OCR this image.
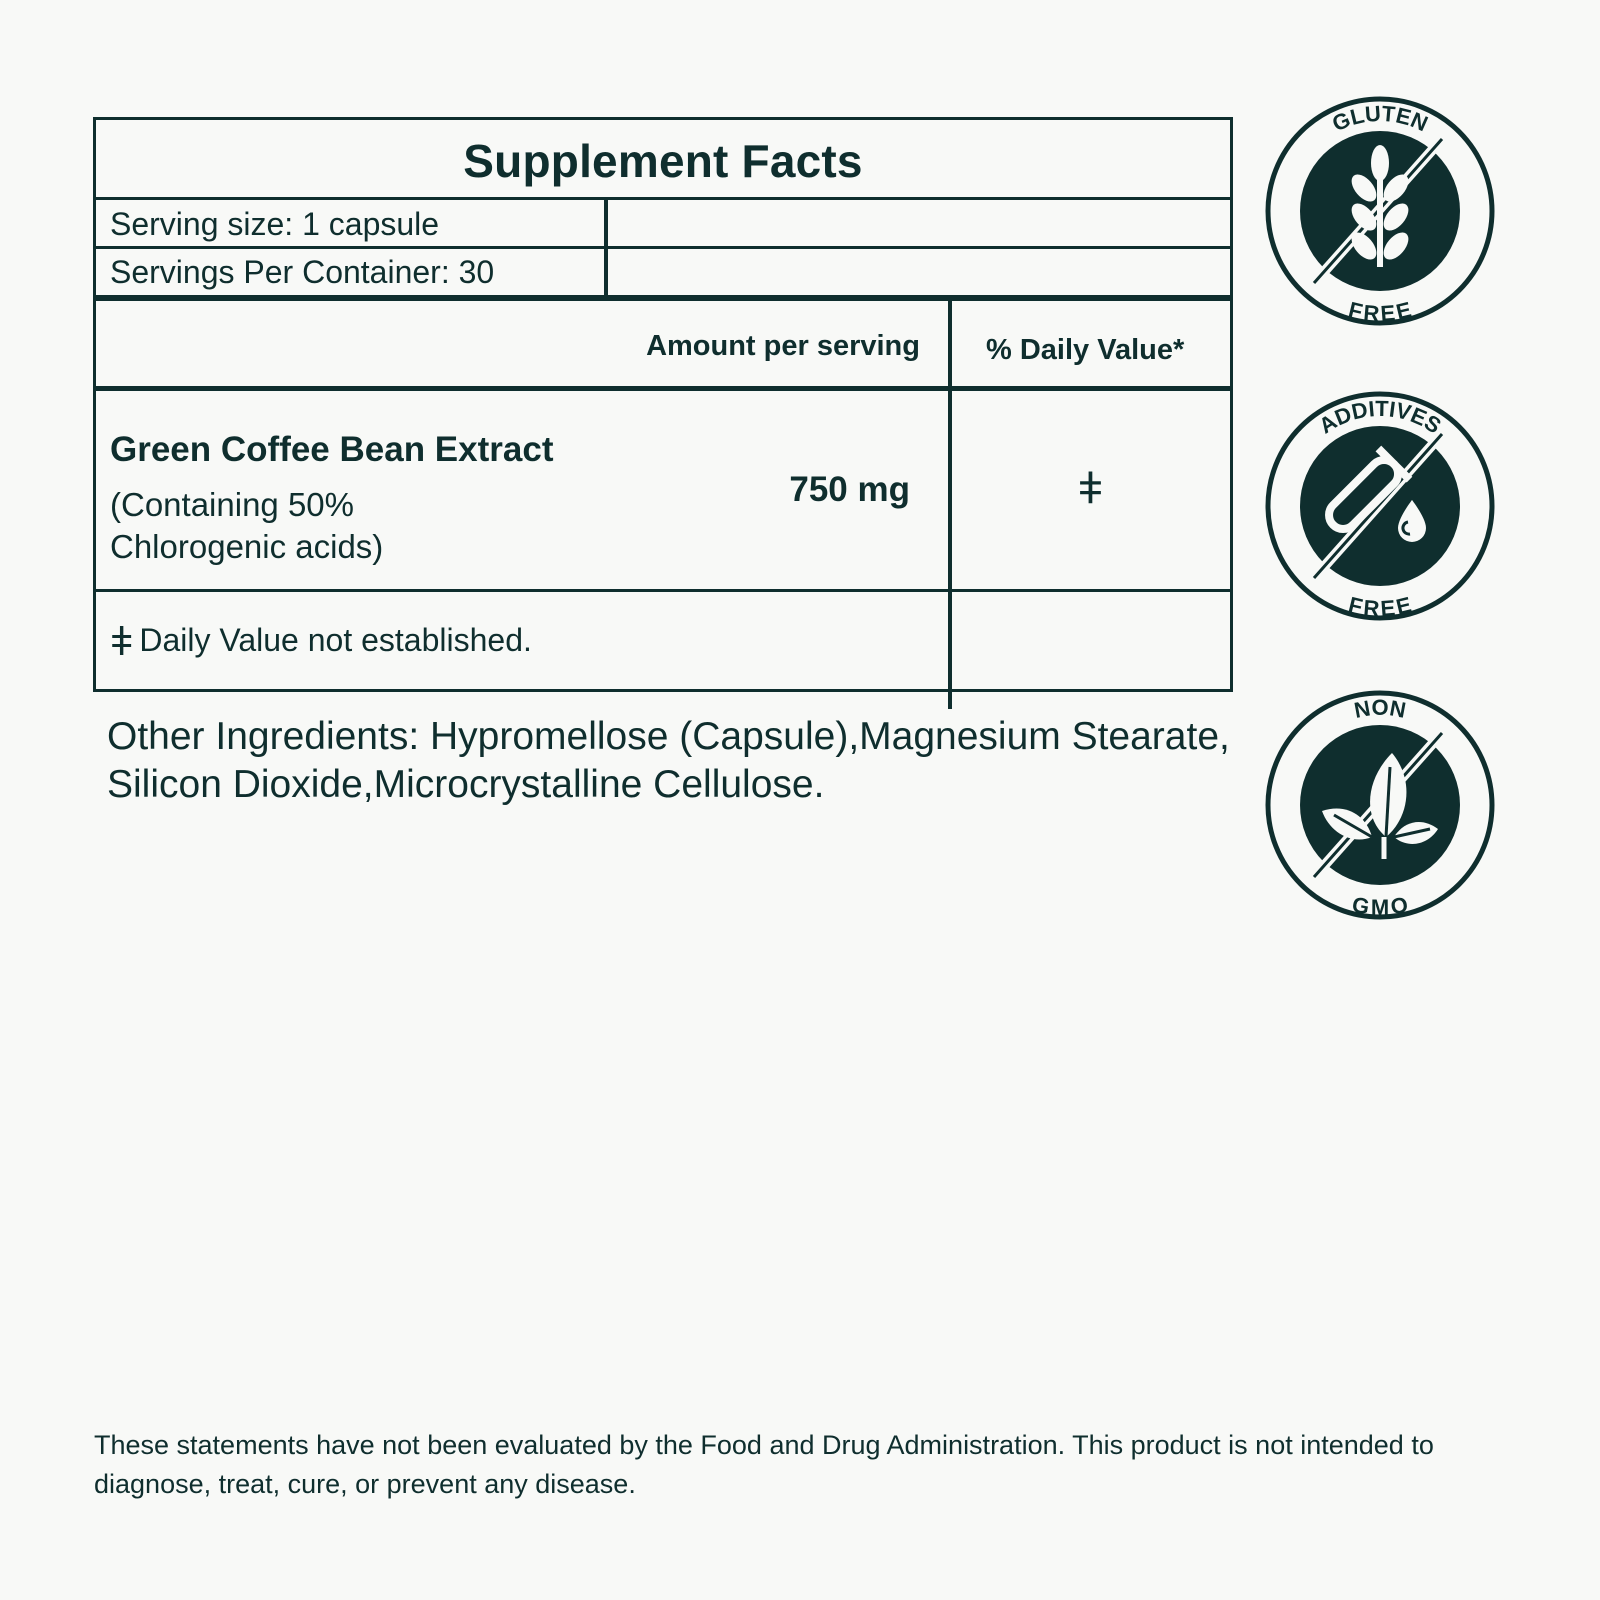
Supplement Facts
Serving size: 1 capsule
Servings Per Container: 30
Amount per serving % Daily Value*
Green Coffee Bean Extract
(Containing 50% Chlorogenic acids)
750 mg	ǂ
ǂ Daily Value not established.
Other Ingredients: Hypromellose (Capsule),Magnesium Stearate, Silicon Dioxide,Microcrystalline Cellulose.
GLUTEN
FREE
ADDITIVES
FREE
NON
GMO
These statements have not been evaluated by the Food and Drug Administration. This product is not intended to diagnose, treat, cure, or prevent any disease.
